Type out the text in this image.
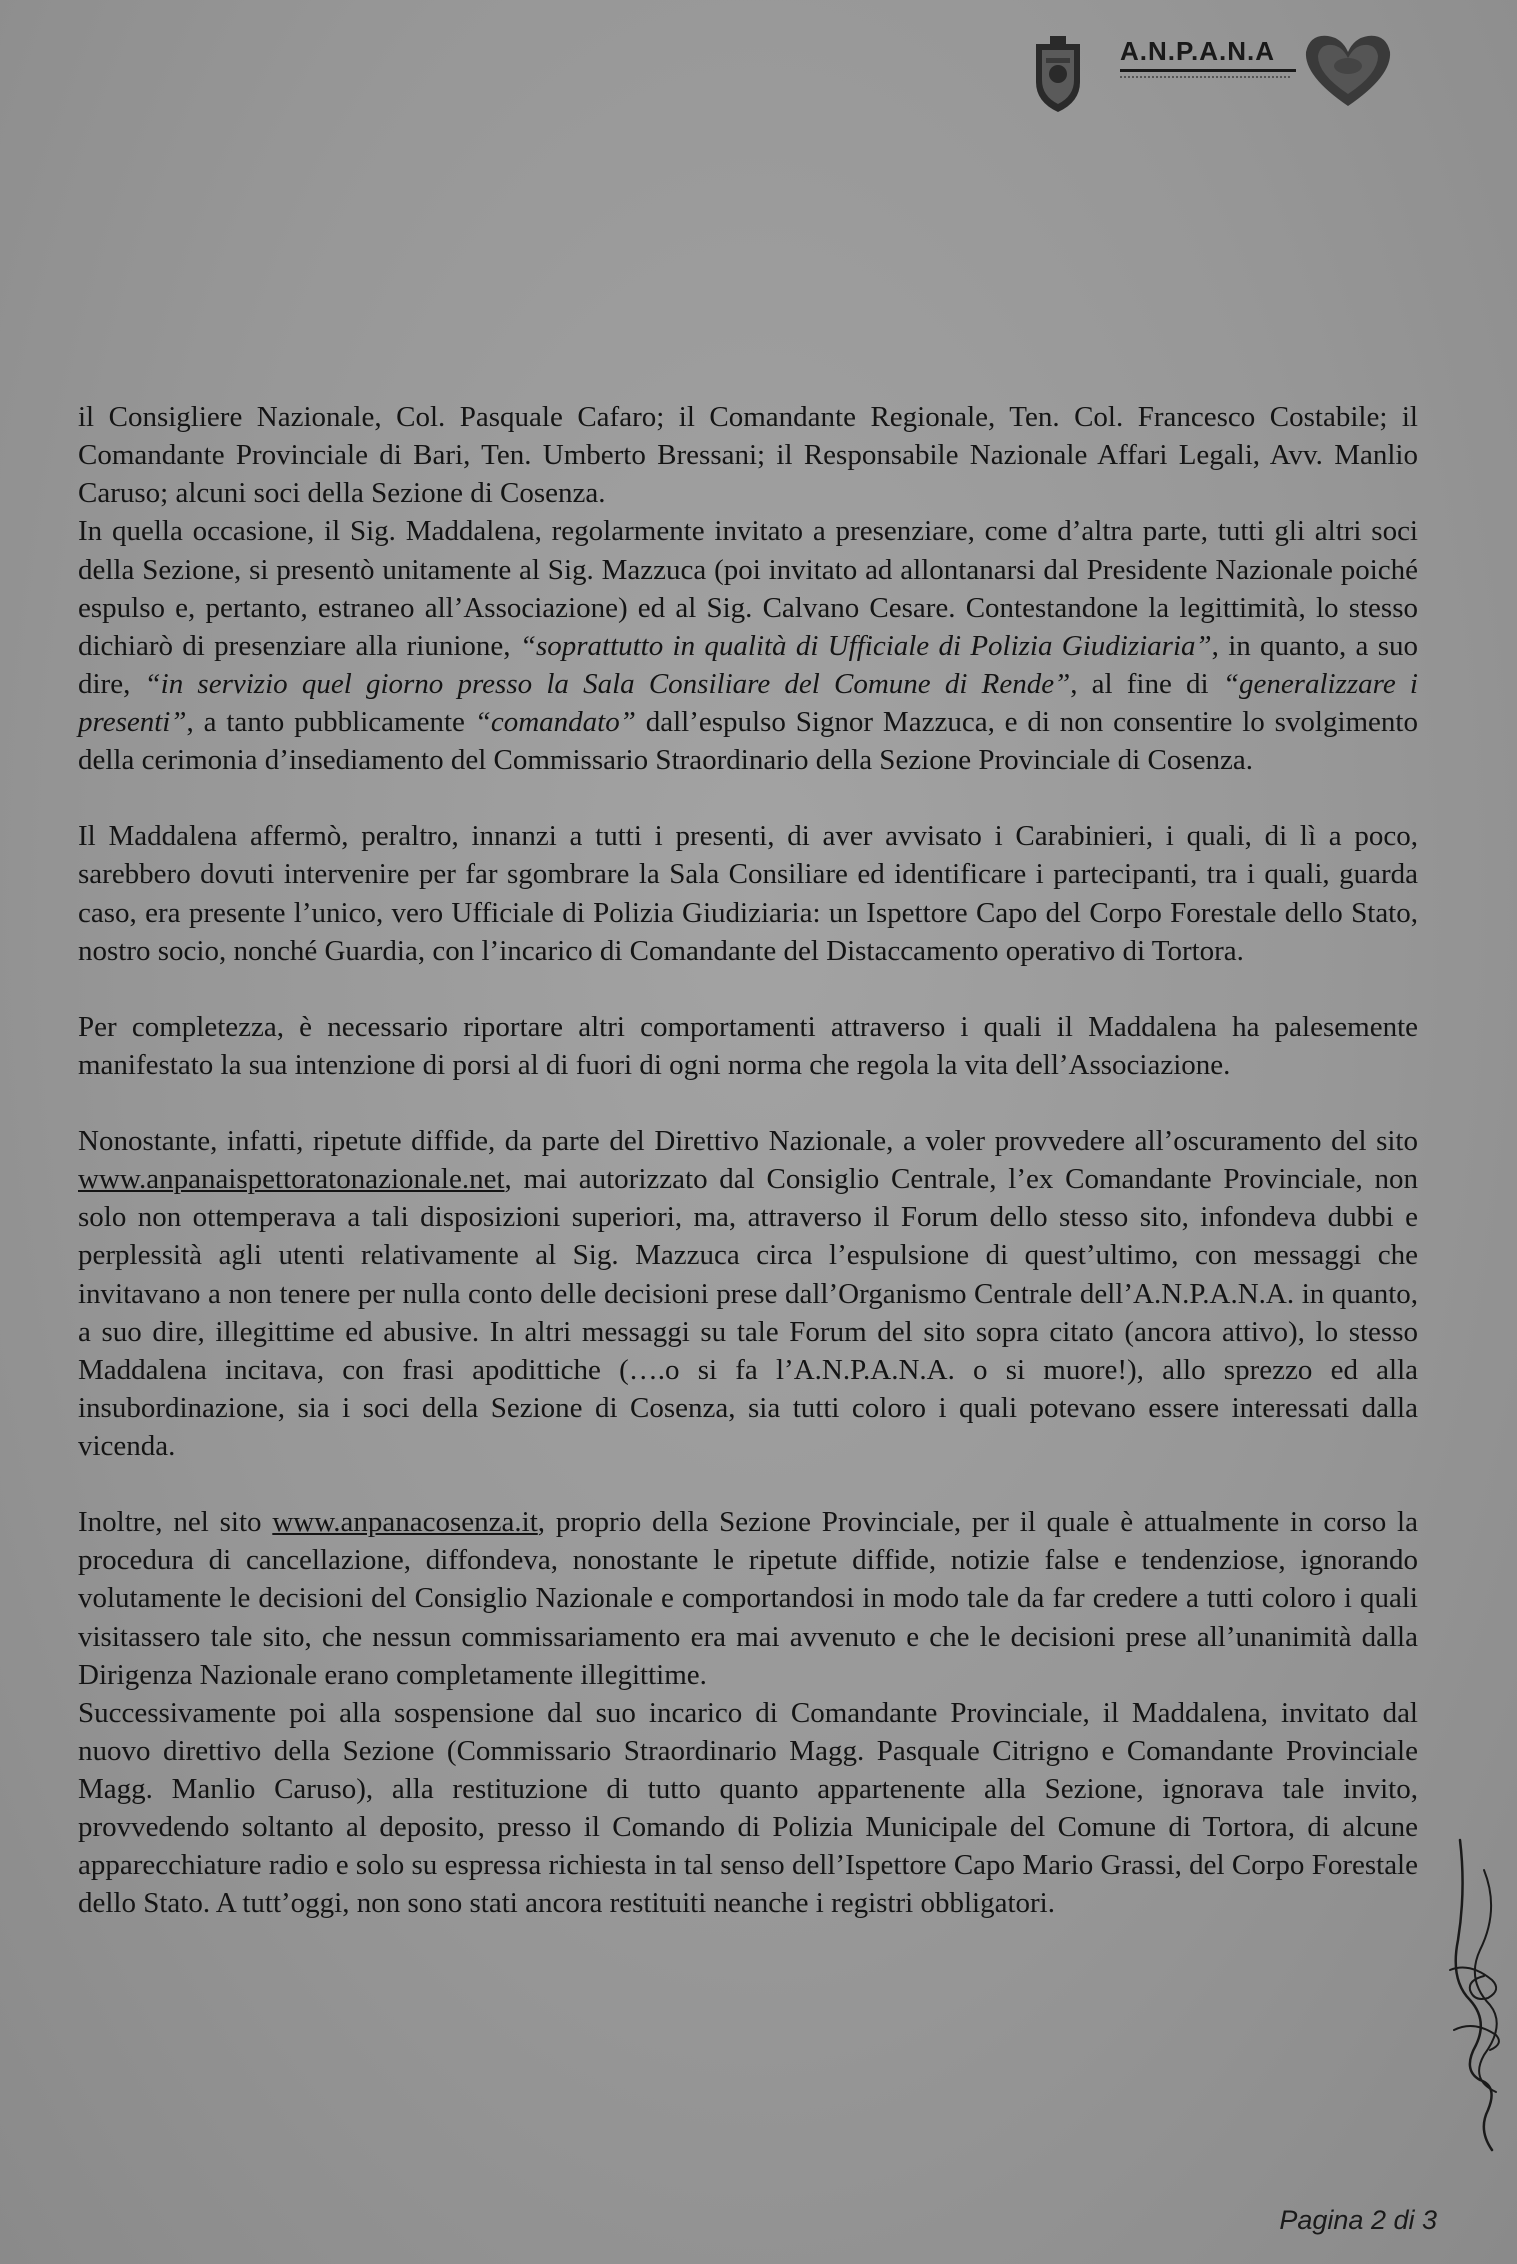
A.N.P.A.N.A

il Consigliere Nazionale, Col. Pasquale Cafaro; il Comandante Regionale, Ten. Col. Francesco Costabile; il Comandante Provinciale di Bari, Ten. Umberto Bressani; il Responsabile Nazionale Affari Legali, Avv. Manlio Caruso; alcuni soci della Sezione di Cosenza.

In quella occasione, il Sig. Maddalena, regolarmente invitato a presenziare, come d’altra parte, tutti gli altri soci della Sezione, si presentò unitamente al Sig. Mazzuca (poi invitato ad allontanarsi dal Presidente Nazionale poiché espulso e, pertanto, estraneo all’Associazione) ed al Sig. Calvano Cesare. Contestandone la legittimità, lo stesso dichiarò di presenziare alla riunione, “soprattutto in qualità di Ufficiale di Polizia Giudiziaria”, in quanto, a suo dire, “in servizio quel giorno presso la Sala Consiliare del Comune di Rende”, al fine di “generalizzare i presenti”, a tanto pubblicamente “comandato” dall’espulso Signor Mazzuca, e di non consentire lo svolgimento della cerimonia d’insediamento del Commissario Straordinario della Sezione Provinciale di Cosenza.

Il Maddalena affermò, peraltro, innanzi a tutti i presenti, di aver avvisato i Carabinieri, i quali, di lì a poco, sarebbero dovuti intervenire per far sgombrare la Sala Consiliare ed identificare i partecipanti, tra i quali, guarda caso, era presente l’unico, vero Ufficiale di Polizia Giudiziaria: un Ispettore Capo del Corpo Forestale dello Stato, nostro socio, nonché Guardia, con l’incarico di Comandante del Distaccamento operativo di Tortora.

Per completezza, è necessario riportare altri comportamenti attraverso i quali il Maddalena ha palesemente manifestato la sua intenzione di porsi al di fuori di ogni norma che regola la vita dell’Associazione.

Nonostante, infatti, ripetute diffide, da parte del Direttivo Nazionale, a voler provvedere all’oscuramento del sito www.anpanaispettoratonazionale.net, mai autorizzato dal Consiglio Centrale, l’ex Comandante Provinciale, non solo non ottemperava a tali disposizioni superiori, ma, attraverso il Forum dello stesso sito, infondeva dubbi e perplessità agli utenti relativamente al Sig. Mazzuca circa l’espulsione di quest’ultimo, con messaggi che invitavano a non tenere per nulla conto delle decisioni prese dall’Organismo Centrale dell’A.N.P.A.N.A. in quanto, a suo dire, illegittime ed abusive. In altri messaggi su tale Forum del sito sopra citato (ancora attivo), lo stesso Maddalena incitava, con frasi apodittiche (….o si fa l’A.N.P.A.N.A. o si muore!), allo sprezzo ed alla insubordinazione, sia i soci della Sezione di Cosenza, sia tutti coloro i quali potevano essere interessati dalla vicenda.

Inoltre, nel sito www.anpanacosenza.it, proprio della Sezione Provinciale, per il quale è attualmente in corso la procedura di cancellazione, diffondeva, nonostante le ripetute diffide, notizie false e tendenziose, ignorando volutamente le decisioni del Consiglio Nazionale e comportandosi in modo tale da far credere a tutti coloro i quali visitassero tale sito, che nessun commissariamento era mai avvenuto e che le decisioni prese all’unanimità dalla Dirigenza Nazionale erano completamente illegittime.

Successivamente poi alla sospensione dal suo incarico di Comandante Provinciale, il Maddalena, invitato dal nuovo direttivo della Sezione (Commissario Straordinario Magg. Pasquale Citrigno e Comandante Provinciale Magg. Manlio Caruso), alla restituzione di tutto quanto appartenente alla Sezione, ignorava tale invito, provvedendo soltanto al deposito, presso il Comando di Polizia Municipale del Comune di Tortora, di alcune apparecchiature radio e solo su espressa richiesta in tal senso dell’Ispettore Capo Mario Grassi, del Corpo Forestale dello Stato. A tutt’oggi, non sono stati ancora restituiti neanche i registri obbligatori.

Pagina 2 di 3
